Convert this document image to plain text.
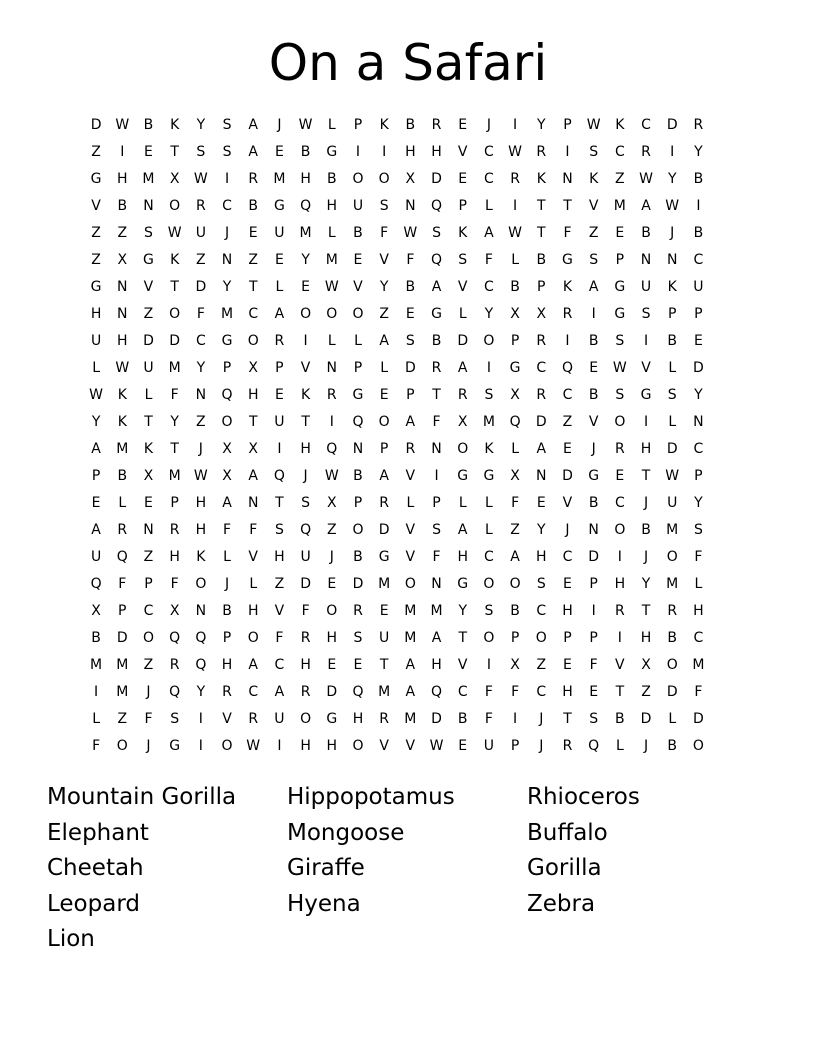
On a Safari
D W	B	K	Y	S	A	J	W	L	P	K	B	R	E	J	I	Y	P	W	K	C	D	R
Z	I	E	T	S	S	A	E	B	G	I	I	H	H	V	C	W	R	I	S	C	R	I	Y
G	H	M	X	W	I	R	M	H	B	O	O	X	D	E	C	R	K	N	K	Z	W	Y	B
V	B	N	O	R	C	B	G	Q	H	U	S	N	Q	P	L	I	T	T	V	M	A	W	I
Z	Z	S	W	U	J	E	U	M	L	B	F	W	S	K	A	W	T	F	Z	E	B	J	B
Z	X	G	K	Z	N	Z	E	Y	M	E	V	F	Q	S	F	L	B	G	S	P	N	N	C
G	N	V	T	D	Y	T	L	E	W	V	Y	B	A	V	C	B	P	K	A	G	U	K	U
H	N	Z	O	F	M	C	A	O	O	O	Z	E	G	L	Y	X	X	R	I	G	S	P	P
U	H	D	D	C	G	O	R	I	L	L	A	S	B	D	O	P	R	I	B	S	I	B	E
L	W	U	M	Y	P	X	P	V	N	P	L	D	R	A	I	G	C	Q	E	W	V	L	D
W	K	L	F	N	Q	H	E	K	R	G	E	P	T	R	S	X	R	C	B	S	G	S	Y
Y	K	T	Y	Z	O	T	U	T	I	Q	O	A	F	X	M	Q	D	Z	V	O	I	L	N
A	M	K	T	J	X	X	I	H	Q	N	P	R	N	O	K	L	A	E	J	R	H	D	C
P	B	X	M W	X	A	Q	J	W	B	A	V	I	G	G	X	N	D	G	E	T	W	P
E	L	E	P	H	A	N	T	S	X	P	R	L	P	L	L	F	E	V	B	C	J	U	Y
A	R	N	R	H	F	F	S	Q	Z	O	D	V	S	A	L	Z	Y	J	N	O	B	M	S
U	Q	Z	H	K	L	V	H	U	J	B	G	V	F	H	C	A	H	C	D	I	J	O	F
Q	F	P	F	O	J	L	Z	D	E	D	M	O	N	G	O	O	S	E	P	H	Y	M	L
X	P	C	X	N	B	H	V	F	O	R	E	M	M	Y	S	B	C	H	I	R	T	R	H
B	D	O	Q	Q	P	O	F	R	H	S	U	M	A	T	O	P	O	P	P	I	H	B	C
M	M	Z	R	Q	H	A	C	H	E	E	T	A	H	V	I	X	Z	E	F	V	X	O	M
I	M	J	Q	Y	R	C	A	R	D	Q	M	A	Q	C	F	F	C	H	E	T	Z	D	F
L	Z	F	S	I	V	R	U	O	G	H	R	M	D	B	F	I	J	T	S	B	D	L	D
F	O	J	G	I	O W	I	H	H	O	V	V	W	E	U	P	J	R	Q	L	J	B	O
Mountain Gorilla	Hippopotamus	Rhioceros
Elephant	Mongoose	Buffalo
Cheetah	Giraffe	Gorilla
Leopard	Hyena	Zebra
Lion
